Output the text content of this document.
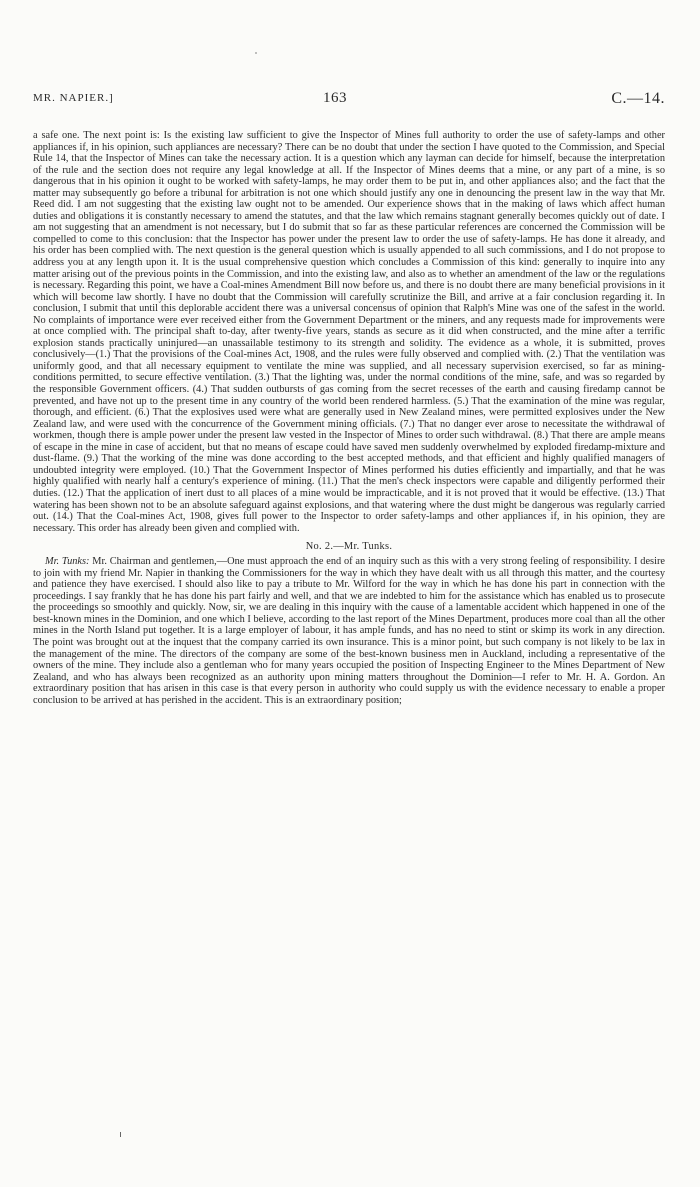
MR. NAPIER.]	163	C.—14.

a safe one. The next point is: Is the existing law sufficient to give the Inspector of Mines full authority to order the use of safety-lamps and other appliances if, in his opinion, such appliances are necessary? There can be no doubt that under the section I have quoted to the Commission, and Special Rule 14, that the Inspector of Mines can take the necessary action. It is a question which any layman can decide for himself, because the interpretation of the rule and the section does not require any legal knowledge at all. If the Inspector of Mines deems that a mine, or any part of a mine, is so dangerous that in his opinion it ought to be worked with safety-lamps, he may order them to be put in, and other appliances also; and the fact that the matter may subsequently go before a tribunal for arbitration is not one which should justify any one in denouncing the present law in the way that Mr. Reed did. I am not suggesting that the existing law ought not to be amended. Our experience shows that in the making of laws which affect human duties and obligations it is constantly necessary to amend the statutes, and that the law which remains stagnant generally becomes quickly out of date. I am not suggesting that an amendment is not necessary, but I do submit that so far as these particular references are concerned the Commission will be compelled to come to this conclusion: that the Inspector has power under the present law to order the use of safety-lamps. He has done it already, and his order has been complied with. The next question is the general question which is usually appended to all such commissions, and I do not propose to address you at any length upon it. It is the usual comprehensive question which concludes a Commission of this kind: generally to inquire into any matter arising out of the previous points in the Commission, and into the existing law, and also as to whether an amendment of the law or the regulations is necessary. Regarding this point, we have a Coal-mines Amendment Bill now before us, and there is no doubt there are many beneficial provisions in it which will become law shortly. I have no doubt that the Commission will carefully scrutinize the Bill, and arrive at a fair conclusion regarding it. In conclusion, I submit that until this deplorable accident there was a universal concensus of opinion that Ralph's Mine was one of the safest in the world. No complaints of importance were ever received either from the Government Department or the miners, and any requests made for improvements were at once complied with. The principal shaft to-day, after twenty-five years, stands as secure as it did when constructed, and the mine after a terrific explosion stands practically uninjured—an unassailable testimony to its strength and solidity. The evidence as a whole, it is submitted, proves conclusively—(1.) That the provisions of the Coal-mines Act, 1908, and the rules were fully observed and complied with. (2.) That the ventilation was uniformly good, and that all necessary equipment to ventilate the mine was supplied, and all necessary supervision exercised, so far as mining-conditions permitted, to secure effective ventilation. (3.) That the lighting was, under the normal conditions of the mine, safe, and was so regarded by the responsible Government officers. (4.) That sudden outbursts of gas coming from the secret recesses of the earth and causing firedamp cannot be prevented, and have not up to the present time in any country of the world been rendered harmless. (5.) That the examination of the mine was regular, thorough, and efficient. (6.) That the explosives used were what are generally used in New Zealand mines, were permitted explosives under the New Zealand law, and were used with the concurrence of the Government mining officials. (7.) That no danger ever arose to necessitate the withdrawal of workmen, though there is ample power under the present law vested in the Inspector of Mines to order such withdrawal. (8.) That there are ample means of escape in the mine in case of accident, but that no means of escape could have saved men suddenly overwhelmed by exploded firedamp-mixture and dust-flame. (9.) That the working of the mine was done according to the best accepted methods, and that efficient and highly qualified managers of undoubted integrity were employed. (10.) That the Government Inspector of Mines performed his duties efficiently and impartially, and that he was highly qualified with nearly half a century's experience of mining. (11.) That the men's check inspectors were capable and diligently performed their duties. (12.) That the application of inert dust to all places of a mine would be impracticable, and it is not proved that it would be effective. (13.) That watering has been shown not to be an absolute safeguard against explosions, and that watering where the dust might be dangerous was regularly carried out. (14.) That the Coal-mines Act, 1908, gives full power to the Inspector to order safety-lamps and other appliances if, in his opinion, they are necessary. This order has already been given and complied with.

No. 2.—Mr. Tunks.

Mr. Tunks: Mr. Chairman and gentlemen,—One must approach the end of an inquiry such as this with a very strong feeling of responsibility. I desire to join with my friend Mr. Napier in thanking the Commissioners for the way in which they have dealt with us all through this matter, and the courtesy and patience they have exercised. I should also like to pay a tribute to Mr. Wilford for the way in which he has done his part in connection with the proceedings. I say frankly that he has done his part fairly and well, and that we are indebted to him for the assistance which has enabled us to prosecute the proceedings so smoothly and quickly. Now, sir, we are dealing in this inquiry with the cause of a lamentable accident which happened in one of the best-known mines in the Dominion, and one which I believe, according to the last report of the Mines Department, produces more coal than all the other mines in the North Island put together. It is a large employer of labour, it has ample funds, and has no need to stint or skimp its work in any direction. The point was brought out at the inquest that the company carried its own insurance. This is a minor point, but such company is not likely to be lax in the management of the mine. The directors of the company are some of the best-known business men in Auckland, including a representative of the owners of the mine. They include also a gentleman who for many years occupied the position of Inspecting Engineer to the Mines Department of New Zealand, and who has always been recognized as an authority upon mining matters throughout the Dominion—I refer to Mr. H. A. Gordon. An extraordinary position that has arisen in this case is that every person in authority who could supply us with the evidence necessary to enable a proper conclusion to be arrived at has perished in the accident. This is an extraordinary position;
